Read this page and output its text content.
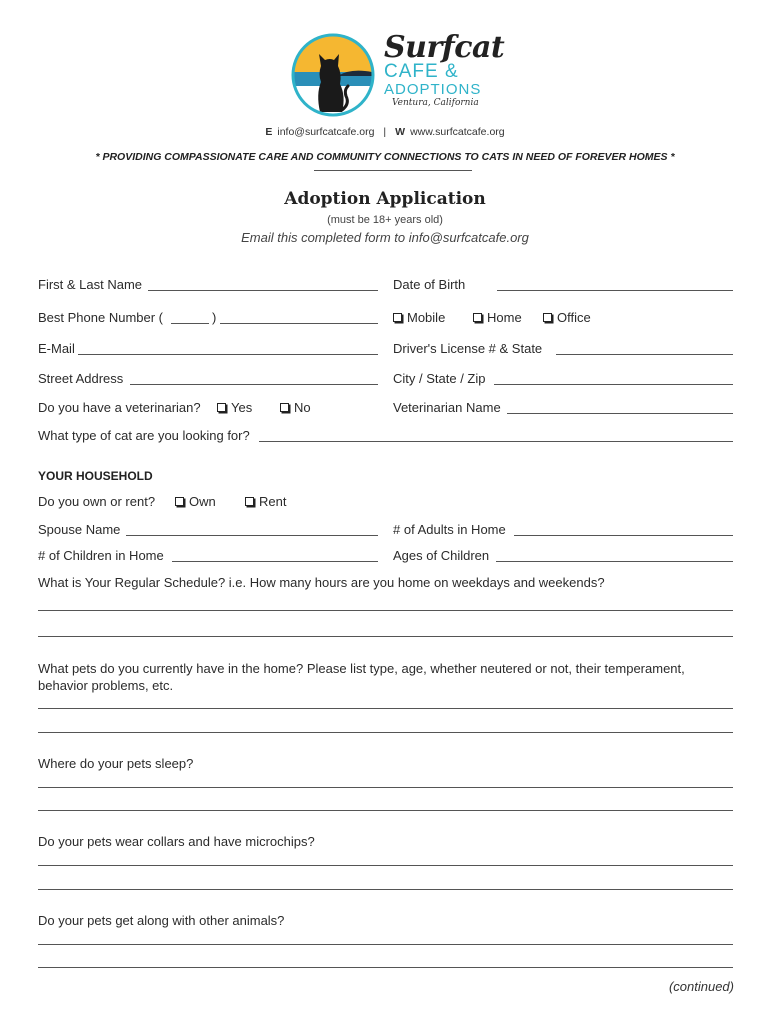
Surfcat
CAFE &
ADOPTIONS
Ventura, California
E info@surfcatcafe.org | W www.surfcatcafe.org
* PROVIDING COMPASSIONATE CARE AND COMMUNITY CONNECTIONS TO CATS IN NEED OF FOREVER HOMES *
Adoption Application
(must be 18+ years old)
Email this completed form to info@surfcatcafe.org
First & Last Name	Date of Birth
Best Phone Number (	)	Mobile	Home	Office
E-Mail	Driver's License # & State
Street Address	City / State / Zip
Do you have a veterinarian?	Yes	No	Veterinarian Name
What type of cat are you looking for?
YOUR HOUSEHOLD
Do you own or rent?	Own	Rent
Spouse Name	# of Adults in Home
# of Children in Home	Ages of Children
What is Your Regular Schedule? i.e. How many hours are you home on weekdays and weekends?
What pets do you currently have in the home? Please list type, age, whether neutered or not, their temperament,
behavior problems, etc.
Where do your pets sleep?
Do your pets wear collars and have microchips?
Do your pets get along with other animals?
(continued)
